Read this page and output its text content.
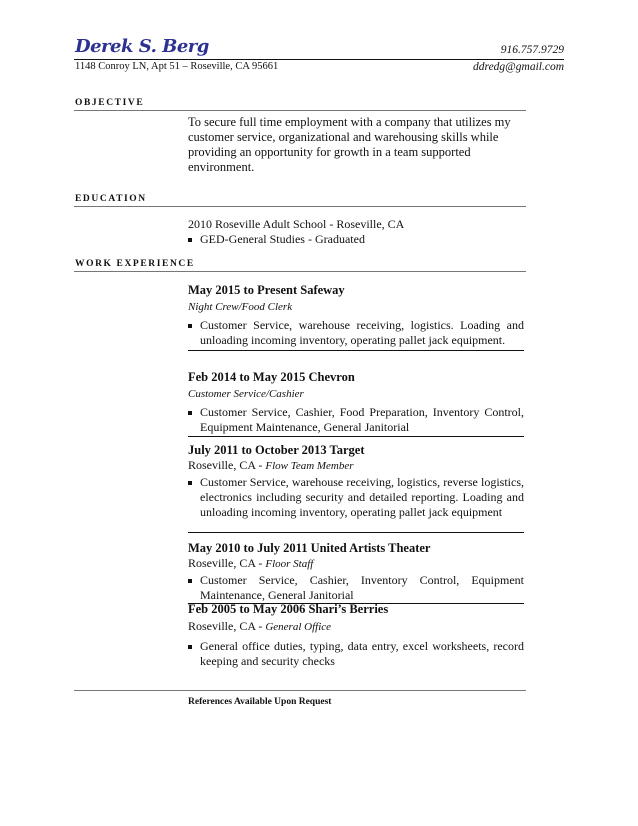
Derek S. Berg	916.757.9729
1148 Conroy LN, Apt 51 – Roseville, CA 95661	ddredg@gmail.com
OBJECTIVE
To secure full time employment with a company that utilizes my customer service, organizational and warehousing skills while providing an opportunity for growth in a team supported environment.
EDUCATION
2010 Roseville Adult School - Roseville, CA
GED-General Studies - Graduated
WORK EXPERIENCE
May 2015 to Present Safeway
Night Crew/Food Clerk
Customer Service, warehouse receiving, logistics. Loading and unloading incoming inventory, operating pallet jack equipment.
Feb 2014 to May 2015 Chevron
Customer Service/Cashier
Customer Service, Cashier, Food Preparation, Inventory Control, Equipment Maintenance, General Janitorial
July 2011 to October 2013 Target
Roseville, CA - Flow Team Member
Customer Service, warehouse receiving, logistics, reverse logistics, electronics including security and detailed reporting. Loading and unloading incoming inventory, operating pallet jack equipment
May 2010 to July 2011 United Artists Theater
Roseville, CA - Floor Staff
Customer Service, Cashier, Inventory Control, Equipment Maintenance, General Janitorial
Feb 2005 to May 2006 Shari’s Berries
Roseville, CA - General Office
General office duties, typing, data entry, excel worksheets, record keeping and security checks
References Available Upon Request
